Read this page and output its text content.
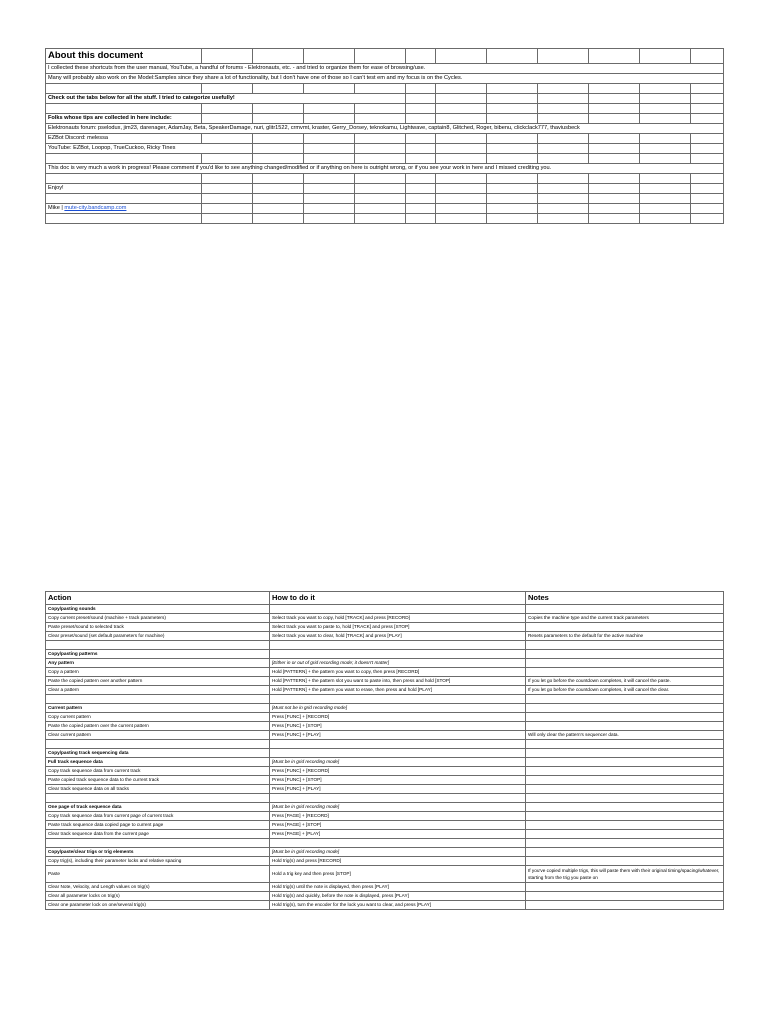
About this document											
I collected these shortcuts from the user manual, YouTube, a handful of forums - Elektronauts, etc. - and tried to organize them for ease of browsing/use.											
Many will probably also work on the Model:Samples since they share a lot of functionality, but I don't have one of those so I can't test em and my focus is on the Cycles.											

Check out the tabs below for all the stuff. I tried to categorize usefully!											

Folks whose tips are collected in here include:											
Elektronauts forum: pselodux, jim23, darenager, AdamJay, Beta, SpeakerDamage, nuri, glitr1522, crmvmt, kraster, Gerry_Dorsey, teknokamu, Lightwave, captain8, Glitched, Roger, bibenu, clickclack777, thaviusbeck											
EZBot Discord: melessa											
YouTube: EZBot, Loopop, TrueCuckoo, Ricky Tines											

This doc is very much a work in progress! Please comment if you'd like to see anything changed/modified or if anything on here is outright wrong, or if you see your work in here and I missed crediting you.											

Enjoy!											

Mike | mute-city.bandcamp.com											

Action	How to do it	Notes
Copy/pasting sounds		
Copy current preset/sound (machine + track parameters)	Select track you want to copy, hold [TRACK] and press [RECORD]	Copies the machine type and the current track parameters
Paste preset/sound to selected track	Select track you want to paste to, hold [TRACK] and press [STOP]	
Clear preset/sound (set default parameters for machine)	Select track you want to clear, hold [TRACK] and press [PLAY]	Resets parameters to the default for the active machine

Copy/pasting patterns		
Any pattern	[Either in or out of grid recording mode; it doesn't matter]	
Copy a pattern	Hold [PATTERN] + the pattern you want to copy, then press [RECORD]	
Paste the copied pattern over another pattern	Hold [PATTERN] + the pattern slot you want to paste into, then press and hold [STOP]	If you let go before the countdown completes, it will cancel the paste.
Clear a pattern	Hold [PATTERN] + the pattern you want to erase, then press and hold [PLAY]	If you let go before the countdown completes, it will cancel the clear.

Current pattern	[Must not be in grid recording mode]	
Copy current pattern	Press [FUNC] + [RECORD]	
Paste the copied pattern over the current pattern	Press [FUNC] + [STOP]	
Clear current pattern	Press [FUNC] + [PLAY]	Will only clear the pattern's sequencer data.

Copy/pasting track sequencing data		
Full track sequence data	[Must be in grid recording mode]	
Copy track sequence data from current track	Press [FUNC] + [RECORD]	
Paste copied track sequence data to the current track	Press [FUNC] + [STOP]	
Clear track sequence data on all tracks	Press [FUNC] + [PLAY]	

One page of track sequence data	[Must be in grid recording mode]	
Copy track sequence data from current page of current track	Press [PAGE] + [RECORD]	
Paste track sequence data copied page to current page	Press [PAGE] + [STOP]	
Clear track sequence data from the current page	Press [PAGE] + [PLAY]	

Copy/paste/clear trigs or trig elements	[Must be in grid recording mode]	
Copy trig(s), including their parameter locks and relative spacing	Hold trig(s) and press [RECORD]	
Paste	Hold a trig key and then press [STOP]	If you've copied multiple trigs, this will paste them with their original timing/spacing/whatever, starting from the trig you paste on
Clear Note, Velocity, and Length values on trig(s)	Hold trig(s) until the note is displayed, then press [PLAY]	
Clear all parameter locks on trig(s)	Hold trig(s) and quickly, before the note is displayed, press [PLAY]	
Clear one parameter lock on one/several trig(s)	Hold trig(s), turn the encoder for the lock you want to clear, and press [PLAY]	
